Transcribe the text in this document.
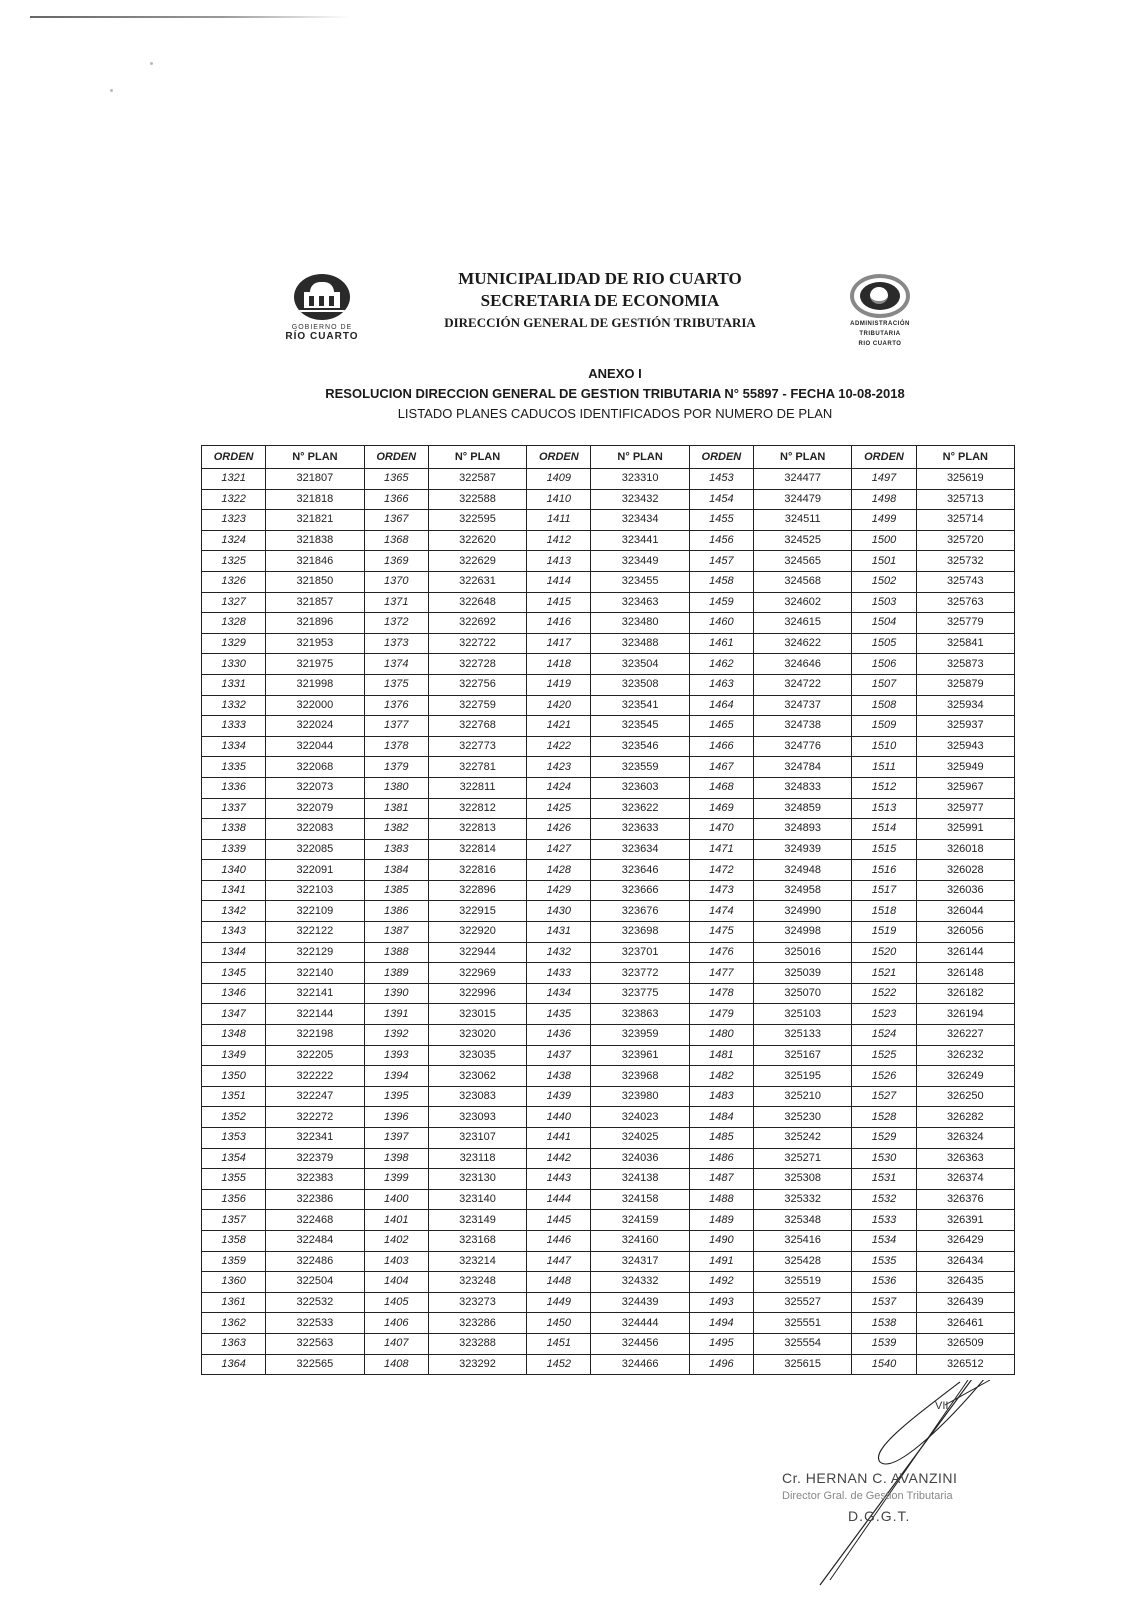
GOBIERNO DE
RÍO CUARTO
MUNICIPALIDAD DE RIO CUARTO
SECRETARIA DE ECONOMIA
DIRECCIÓN GENERAL DE GESTIÓN TRIBUTARIA	ADMINISTRACIÓN
TRIBUTARIA
RIO CUARTO
ANEXO I
RESOLUCION DIRECCION GENERAL DE GESTION TRIBUTARIA N° 55897 - FECHA 10-08-2018
LISTADO PLANES CADUCOS IDENTIFICADOS POR NUMERO DE PLAN
ORDEN	N° PLAN	ORDEN	N° PLAN	ORDEN	N° PLAN	ORDEN	N° PLAN	ORDEN	N° PLAN
1321	321807	1365	322587	1409	323310	1453	324477	1497	325619
1322	321818	1366	322588	1410	323432	1454	324479	1498	325713
1323	321821	1367	322595	1411	323434	1455	324511	1499	325714
1324	321838	1368	322620	1412	323441	1456	324525	1500	325720
1325	321846	1369	322629	1413	323449	1457	324565	1501	325732
1326	321850	1370	322631	1414	323455	1458	324568	1502	325743
1327	321857	1371	322648	1415	323463	1459	324602	1503	325763
1328	321896	1372	322692	1416	323480	1460	324615	1504	325779
1329	321953	1373	322722	1417	323488	1461	324622	1505	325841
1330	321975	1374	322728	1418	323504	1462	324646	1506	325873
1331	321998	1375	322756	1419	323508	1463	324722	1507	325879
1332	322000	1376	322759	1420	323541	1464	324737	1508	325934
1333	322024	1377	322768	1421	323545	1465	324738	1509	325937
1334	322044	1378	322773	1422	323546	1466	324776	1510	325943
1335	322068	1379	322781	1423	323559	1467	324784	1511	325949
1336	322073	1380	322811	1424	323603	1468	324833	1512	325967
1337	322079	1381	322812	1425	323622	1469	324859	1513	325977
1338	322083	1382	322813	1426	323633	1470	324893	1514	325991
1339	322085	1383	322814	1427	323634	1471	324939	1515	326018
1340	322091	1384	322816	1428	323646	1472	324948	1516	326028
1341	322103	1385	322896	1429	323666	1473	324958	1517	326036
1342	322109	1386	322915	1430	323676	1474	324990	1518	326044
1343	322122	1387	322920	1431	323698	1475	324998	1519	326056
1344	322129	1388	322944	1432	323701	1476	325016	1520	326144
1345	322140	1389	322969	1433	323772	1477	325039	1521	326148
1346	322141	1390	322996	1434	323775	1478	325070	1522	326182
1347	322144	1391	323015	1435	323863	1479	325103	1523	326194
1348	322198	1392	323020	1436	323959	1480	325133	1524	326227
1349	322205	1393	323035	1437	323961	1481	325167	1525	326232
1350	322222	1394	323062	1438	323968	1482	325195	1526	326249
1351	322247	1395	323083	1439	323980	1483	325210	1527	326250
1352	322272	1396	323093	1440	324023	1484	325230	1528	326282
1353	322341	1397	323107	1441	324025	1485	325242	1529	326324
1354	322379	1398	323118	1442	324036	1486	325271	1530	326363
1355	322383	1399	323130	1443	324138	1487	325308	1531	326374
1356	322386	1400	323140	1444	324158	1488	325332	1532	326376
1357	322468	1401	323149	1445	324159	1489	325348	1533	326391
1358	322484	1402	323168	1446	324160	1490	325416	1534	326429
1359	322486	1403	323214	1447	324317	1491	325428	1535	326434
1360	322504	1404	323248	1448	324332	1492	325519	1536	326435
1361	322532	1405	323273	1449	324439	1493	325527	1537	326439
1362	322533	1406	323286	1450	324444	1494	325551	1538	326461
1363	322563	1407	323288	1451	324456	1495	325554	1539	326509
1364	322565	1408	323292	1452	324466	1496	325615	1540	326512
VII
Cr. HERNAN C. AVANZINI
Director Gral. de Gestion Tributaria
D.G.G.T.
